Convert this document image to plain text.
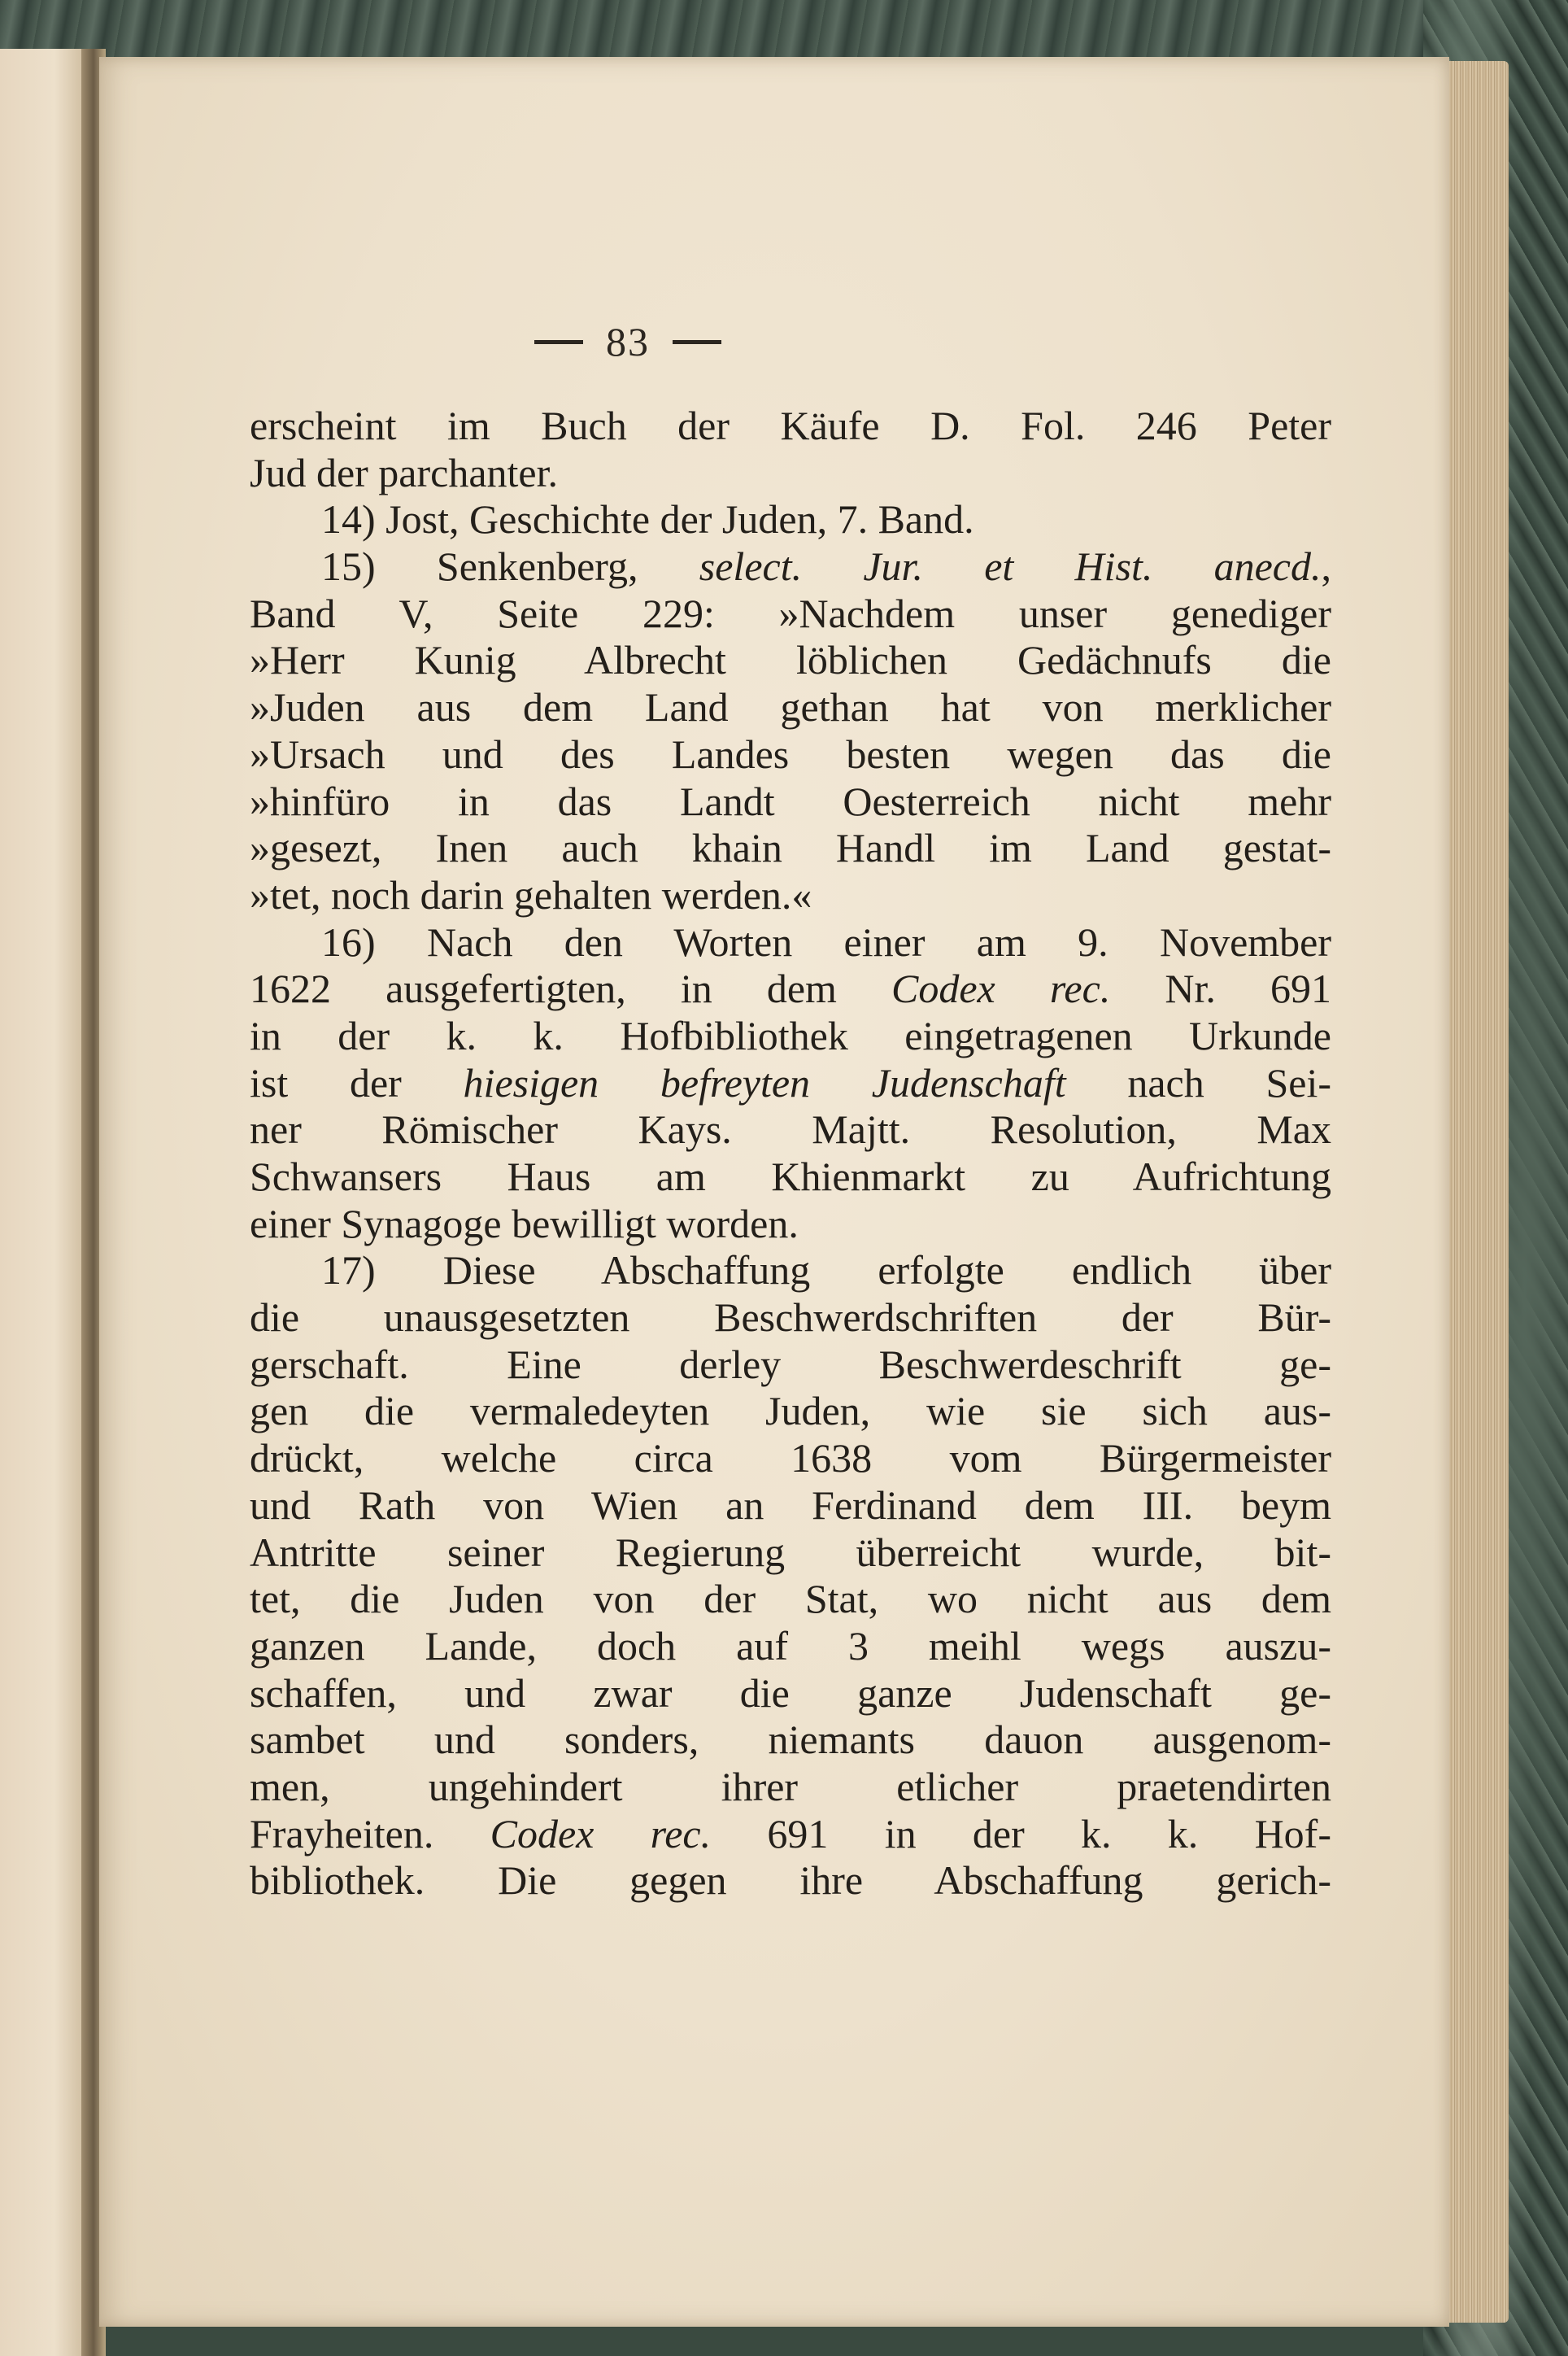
83
erscheint im Buch der Käufe D. Fol. 246 Peter
Jud der parchanter.
14) Jost, Geschichte der Juden, 7. Band.
15) Senkenberg, select. Jur. et Hist. anecd.,
Band V, Seite 229: »Nachdem unser genediger
»Herr Kunig Albrecht löblichen Gedächnufs die
»Juden aus dem Land gethan hat von merklicher
»Ursach und des Landes besten wegen das die
»hinfüro in das Landt Oesterreich nicht mehr
»gesezt, Inen auch khain Handl im Land gestat-
»tet, noch darin gehalten werden.«
16) Nach den Worten einer am 9. November
1622 ausgefertigten, in dem Codex rec. Nr. 691
in der k. k. Hofbibliothek eingetragenen Urkunde
ist der hiesigen befreyten Judenschaft nach Sei-
ner Römischer Kays. Majtt. Resolution, Max
Schwansers Haus am Khienmarkt zu Aufrichtung
einer Synagoge bewilligt worden.
17) Diese Abschaffung erfolgte endlich über
die unausgesetzten Beschwerdschriften der Bür-
gerschaft. Eine derley Beschwerdeschrift ge-
gen die vermaledeyten Juden, wie sie sich aus-
drückt, welche circa 1638 vom Bürgermeister
und Rath von Wien an Ferdinand dem III. beym
Antritte seiner Regierung überreicht wurde, bit-
tet, die Juden von der Stat, wo nicht aus dem
ganzen Lande, doch auf 3 meihl wegs auszu-
schaffen, und zwar die ganze Judenschaft ge-
sambet und sonders, niemants dauon ausgenom-
men, ungehindert ihrer etlicher praetendirten
Frayheiten. Codex rec. 691 in der k. k. Hof-
bibliothek. Die gegen ihre Abschaffung gerich-
